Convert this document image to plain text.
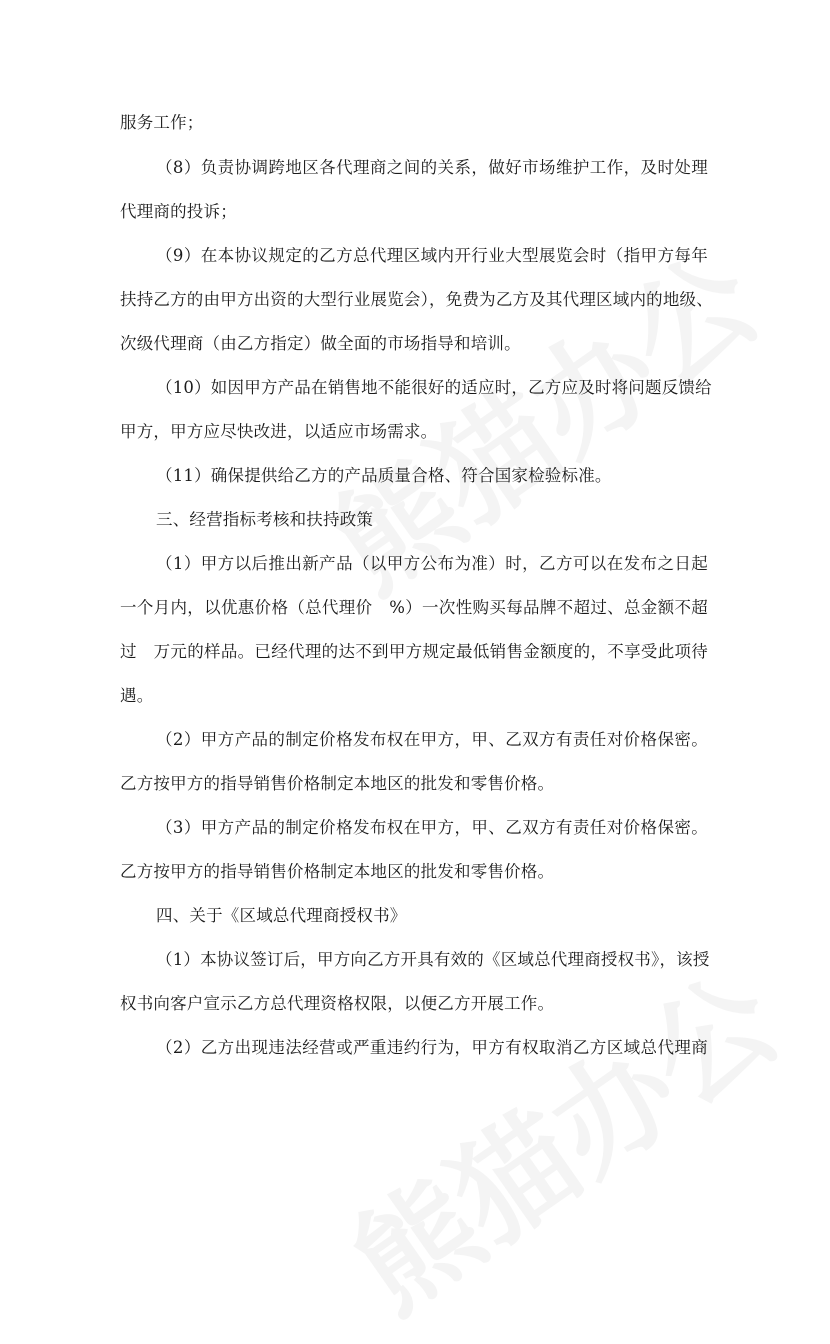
服务工作；
（8）负责协调跨地区各代理商之间的关系，做好市场维护工作，及时处理
代理商的投诉；
（9）在本协议规定的乙方总代理区域内开行业大型展览会时（指甲方每年
扶持乙方的由甲方出资的大型行业展览会），免费为乙方及其代理区域内的地级、
次级代理商（由乙方指定）做全面的市场指导和培训。
（10）如因甲方产品在销售地不能很好的适应时，乙方应及时将问题反馈给
甲方，甲方应尽快改进，以适应市场需求。
（11）确保提供给乙方的产品质量合格、符合国家检验标准。
三、经营指标考核和扶持政策
（1）甲方以后推出新产品（以甲方公布为准）时，乙方可以在发布之日起
一个月内，以优惠价格（总代理价　%）一次性购买每品牌不超过、总金额不超
过　万元的样品。已经代理的达不到甲方规定最低销售金额度的，不享受此项待
遇。
（2）甲方产品的制定价格发布权在甲方，甲、乙双方有责任对价格保密。
乙方按甲方的指导销售价格制定本地区的批发和零售价格。
（3）甲方产品的制定价格发布权在甲方，甲、乙双方有责任对价格保密。
乙方按甲方的指导销售价格制定本地区的批发和零售价格。
四、关于《区域总代理商授权书》
（1）本协议签订后，甲方向乙方开具有效的《区域总代理商授权书》，该授
权书向客户宣示乙方总代理资格权限，以便乙方开展工作。
（2）乙方出现违法经营或严重违约行为，甲方有权取消乙方区域总代理商
